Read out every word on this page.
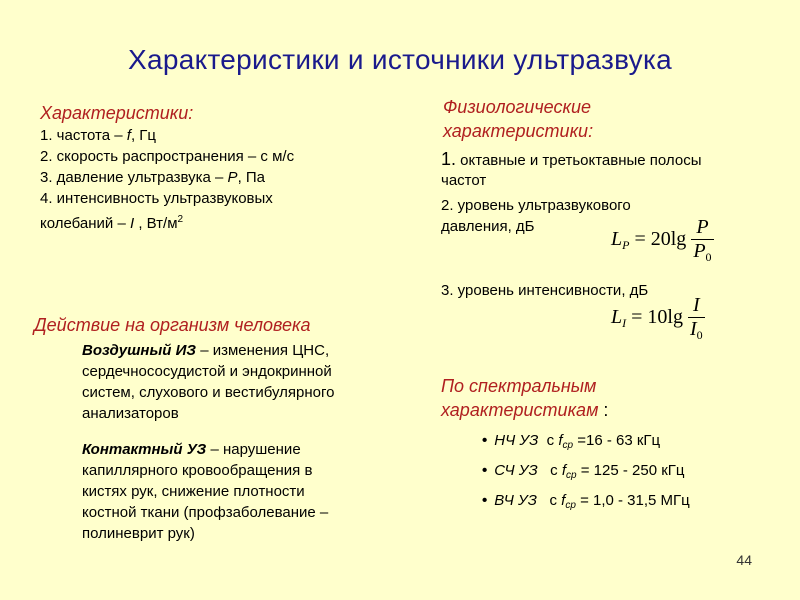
Характеристики и источники ультразвука
Характеристики:
1. частота – f, Гц
2. скорость распространения – с м/с
3. давление ультразвука – P, Па
4. интенсивность ультразвуковых
колебаний – I , $Вт/м^2$
Действие на организм человека
Воздушный ИЗ – изменения ЦНС,
сердечнососудистой и эндокринной
систем, слухового и вестибулярного
анализаторов
Контактный УЗ – нарушение
капиллярного кровообращения в
кистях рук, снижение плотности
костной ткани (профзаболевание –
полиневрит рук)
Физиологические
характеристики:
1. октавные и третьоктавные полосы
частот
2. уровень ультразвукового
давления, дБ
$L_P = 20\lg \frac{P}{P_0}$
3. уровень интенсивности, дБ
$L_I = 10\lg \frac{I}{I_0}$
По спектральным
характеристикам :
• НЧ УЗ  с $f_{ср} =16 - 63$ кГц
• СЧ УЗ   с $f_{ср} = 125 - 250$ кГц
• ВЧ УЗ   с $f_{ср} = 1,0 - 31,5$ МГц
44
